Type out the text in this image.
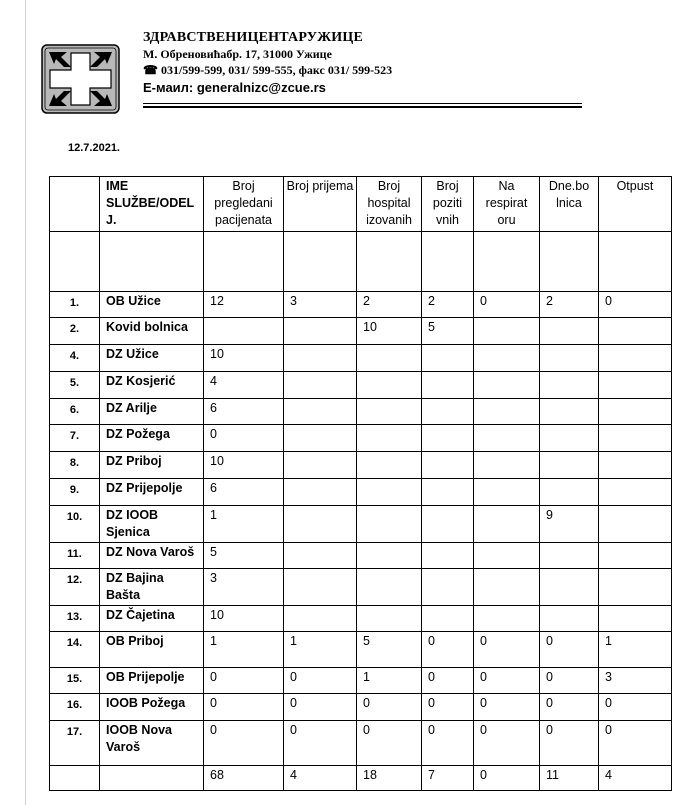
ЗДРАВСТВЕНИЦЕНТАРУЖИЦЕ
М. Обреновићабр. 17, 31000 Ужице
☎ 031/599-599, 031/ 599-555, факс 031/ 599-523
Е-маил: generalnizc@zcue.rs
12.7.2021.
	IME SLUŽBE/ODEL J.	Broj pregledani pacijenata	Broj prijema	Broj hospital izovanih	Broj poziti vnih	Na respirat oru	Dne.bo lnica	Otpust

1.	OB Užice	12	3	2	2	0	2	0
2.	Kovid bolnica			10	5			
4.	DZ Užice	10						
5.	DZ Kosjerić	4						
6.	DZ Arilje	6						
7.	DZ Požega	0						
8.	DZ Priboj	10						
9.	DZ Prijepolje	6						
10.	DZ IOOB Sjenica	1					9	
11.	DZ Nova Varoš	5						
12.	DZ Bajina Bašta	3						
13.	DZ Čajetina	10						
14.	OB Priboj	1	1	5	0	0	0	1
15.	OB Prijepolje	0	0	1	0	0	0	3
16.	IOOB Požega	0	0	0	0	0	0	0
17.	IOOB Nova Varoš	0	0	0	0	0	0	0
		68	4	18	7	0	11	4
